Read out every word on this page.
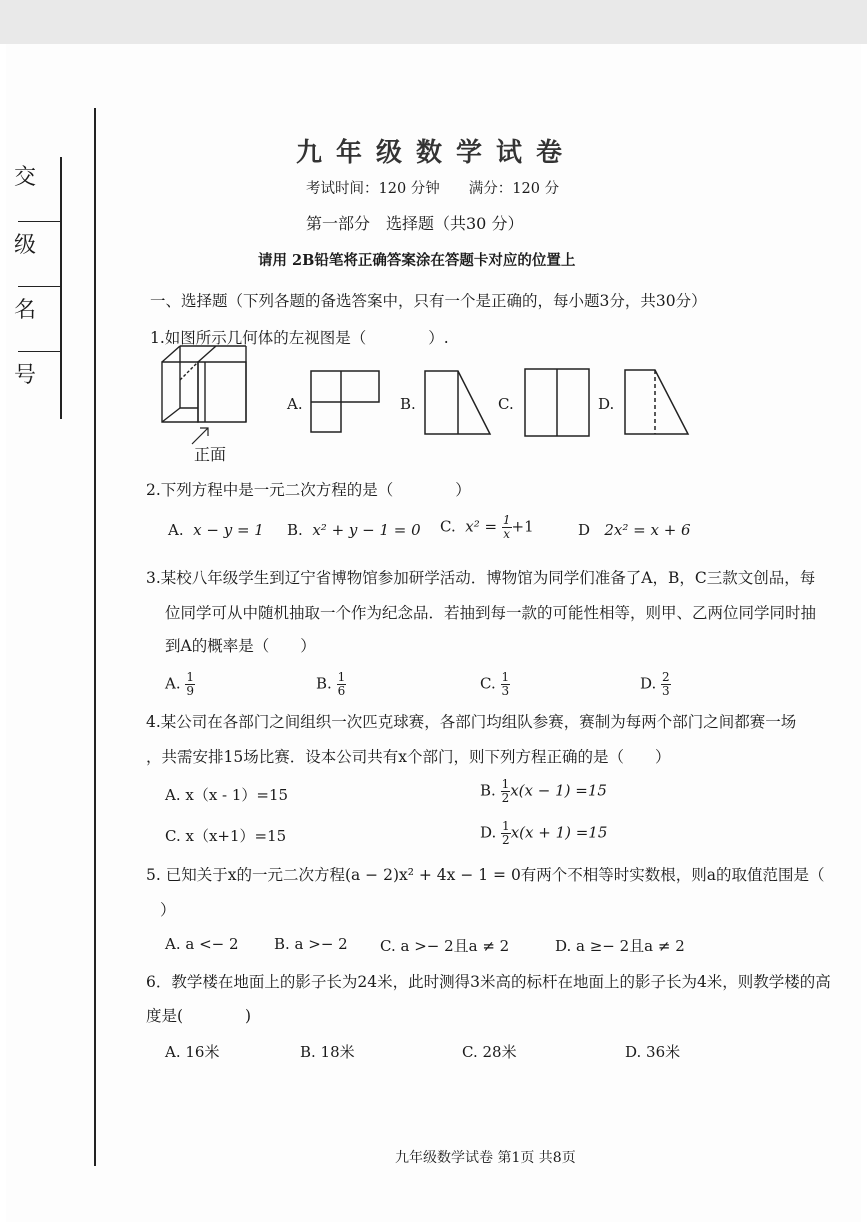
交
级
名
号
九年级数学试卷
考试时间：120 分钟　　满分：120 分
第一部分　选择题（共30 分）
请用 2B铅笔将正确答案涂在答题卡对应的位置上
一、选择题（下列各题的备选答案中，只有一个是正确的，每小题3分，共30分）
1.如图所示几何体的左视图是（　　　　）.
正面
A.	B.	C.	D.
2.下列方程中是一元二次方程的是（　　　　）
A. x − y = 1 B. x² + y − 1 = 0 C. $x^2 = \frac{1}{x} +1$	D 2x² = x + 6
3.某校八年级学生到辽宁省博物馆参加研学活动．博物馆为同学们准备了A，B，C三款文创品，每
位同学可从中随机抽取一个作为纪念品．若抽到每一款的可能性相等，则甲、乙两位同学同时抽
到A的概率是（　　）
A. $\frac{1}{9}$	B. $\frac{1}{6}$	C. $\frac{1}{3}$	D. $\frac{2}{3}$
4.某公司在各部门之间组织一次匹克球赛，各部门均组队参赛，赛制为每两个部门之间都赛一场
，共需安排15场比赛．设本公司共有x个部门，则下列方程正确的是（　　）
A. x（x - 1）=15	B. $\frac{1}{2} x(x - 1) =15$
C. x（x+1）=15	D. $\frac{1}{2} x(x + 1) =15$
5. 已知关于x的一元二次方程(a − 2)x² + 4x − 1 = 0有两个不相等时实数根，则a的取值范围是（
）
A. a <− 2 B. a >− 2 C. a >− 2且a ≠ 2	D. a ≥− 2且a ≠ 2
6．教学楼在地面上的影子长为24米，此时测得3米高的标杆在地面上的影子长为4米，则教学楼的高
度是(　　　　)
A. 16米	B. 18米	C. 28米	D. 36米
九年级数学试卷 第1页 共8页
